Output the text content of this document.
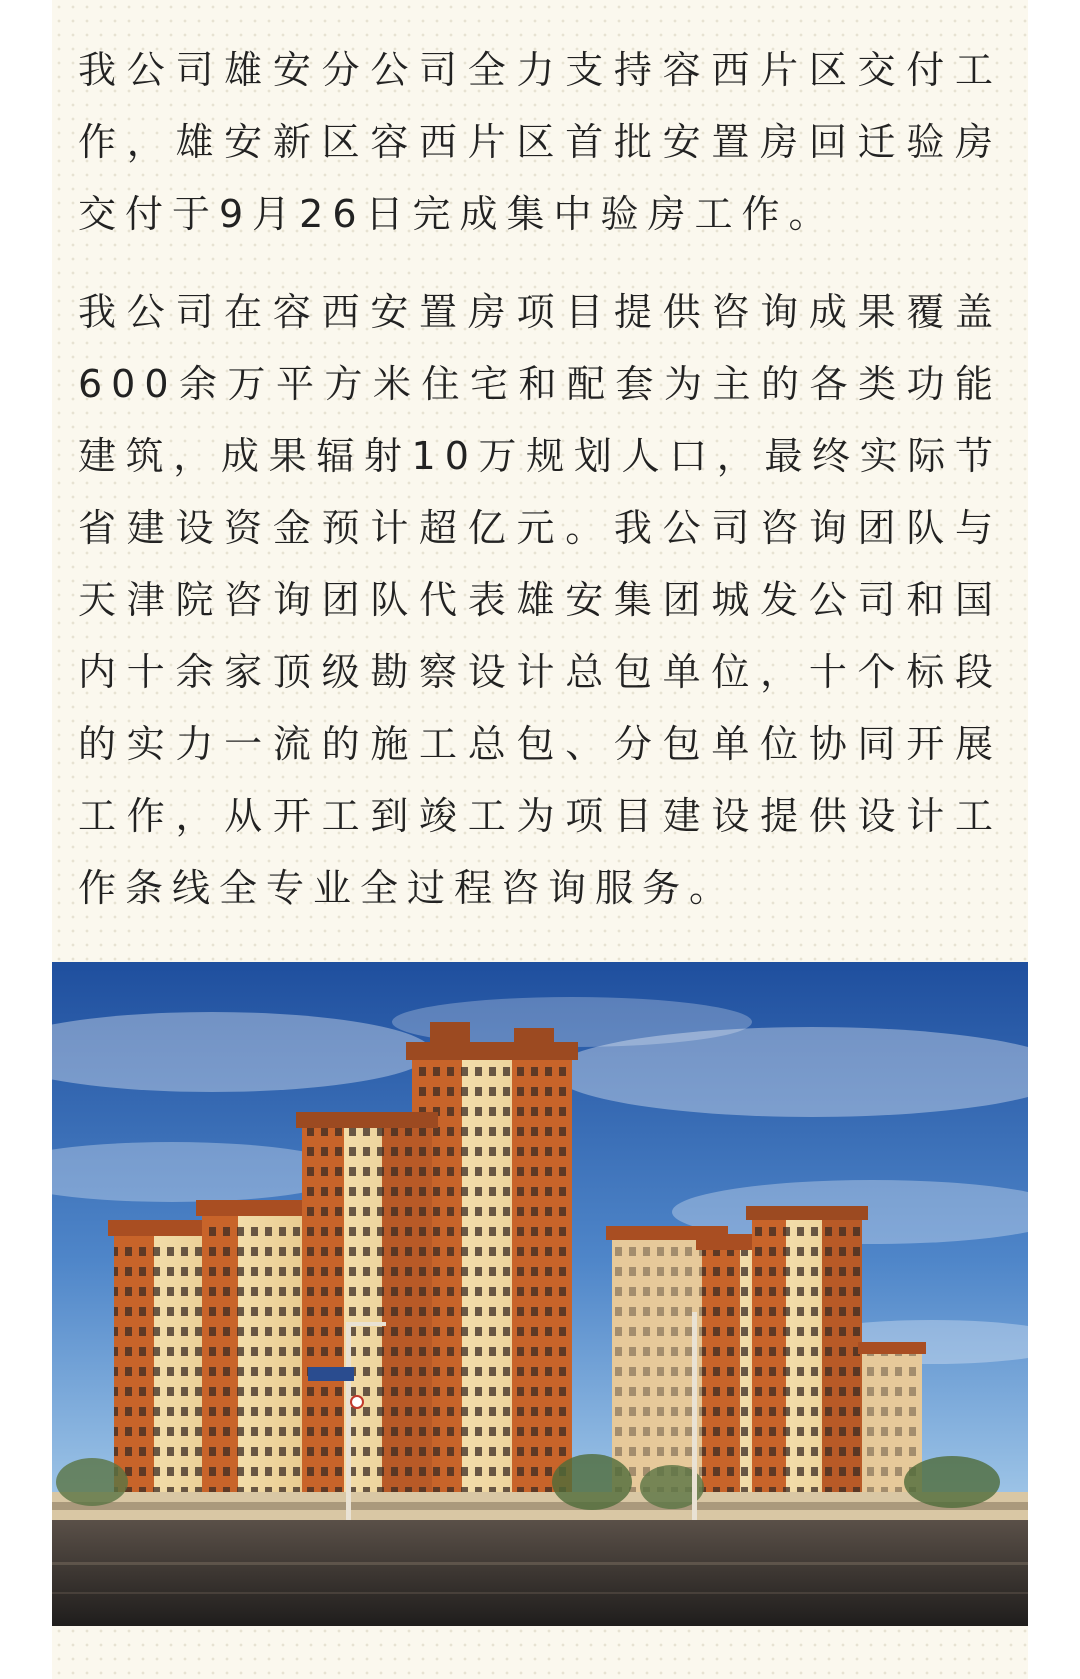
我公司雄安分公司全力支持容西片区交付工作，雄安新区容西片区首批安置房回迁验房交付于9月26日完成集中验房工作。

我公司在容西安置房项目提供咨询成果覆盖600余万平方米住宅和配套为主的各类功能建筑，成果辐射10万规划人口，最终实际节省建设资金预计超亿元。我公司咨询团队与天津院咨询团队代表雄安集团城发公司和国内十余家顶级勘察设计总包单位，十个标段的实力一流的施工总包、分包单位协同开展工作，从开工到竣工为项目建设提供设计工作条线全专业全过程咨询服务。
